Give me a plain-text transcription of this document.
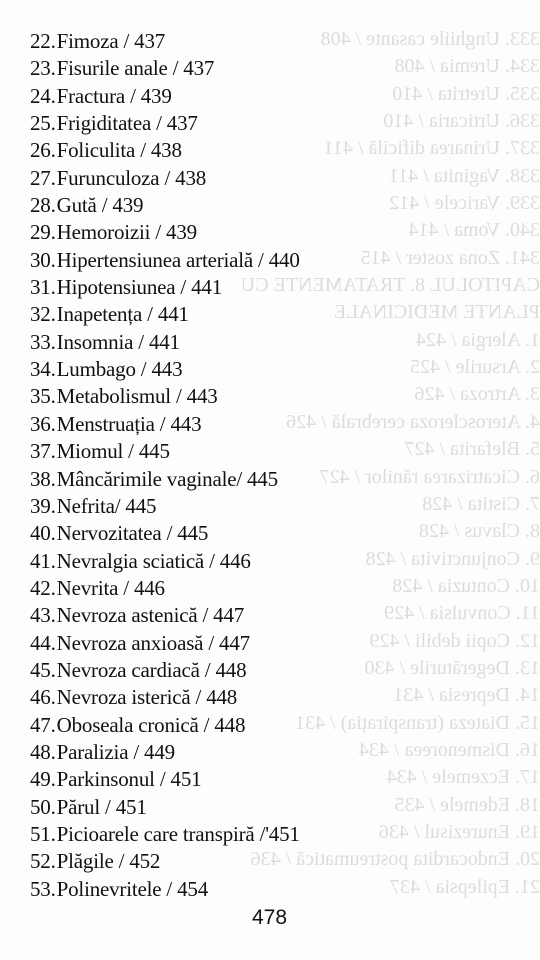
333. Unghiile casante / 408
334. Uremia / 408
335. Uretrita / 410
336. Urticaria / 410
337. Urinarea dificilă / 411
338. Vaginita / 411
339. Varicele / 412
340. Voma / 414
341. Zona zoster / 415
CAPITOLUL 8. TRATAMENTE CU
PLANTE MEDICINALE
1. Alergia / 424
2. Arsurile / 425
3. Artroza / 426
4. Ateroscleroza cerebrală / 426
5. Blefarita / 427
6. Cicatrizarea rănilor / 427
7. Cistita / 428
8. Clavus / 428
9. Conjunctivita / 428
10. Contuzia / 428
11. Convulsia / 429
12. Copii debili / 429
13. Degerăturile / 430
14. Depresia / 431
15. Diateza (transpirația) / 431
16. Dismenoreea / 434
17. Eczemele / 434
18. Edemele / 435
19. Enurezisul / 436
20. Endocardita postreumatică / 436
21. Epilepsia / 437
22.Fimoza / 437
23.Fisurile anale / 437
24.Fractura / 439
25.Frigiditatea / 437
26.Foliculita / 438
27.Furunculoza / 438
28.Gută / 439
29.Hemoroizii / 439
30.Hipertensiunea arterială / 440
31.Hipotensiunea / 441
32.Inapetența / 441
33.Insomnia / 441
34.Lumbago / 443
35.Metabolismul / 443
36.Menstruația / 443
37.Miomul / 445
38.Mâncărimile vaginale/ 445
39.Nefrita/ 445
40.Nervozitatea / 445
41.Nevralgia sciatică / 446
42.Nevrita / 446
43.Nevroza astenică / 447
44.Nevroza anxioasă / 447
45.Nevroza cardiacă / 448
46.Nevroza isterică / 448
47.Oboseala cronică / 448
48.Paralizia / 449
49.Parkinsonul / 451
50.Părul / 451
51.Picioarele care transpiră /'451
52.Plăgile / 452
53.Polinevritele / 454
478
